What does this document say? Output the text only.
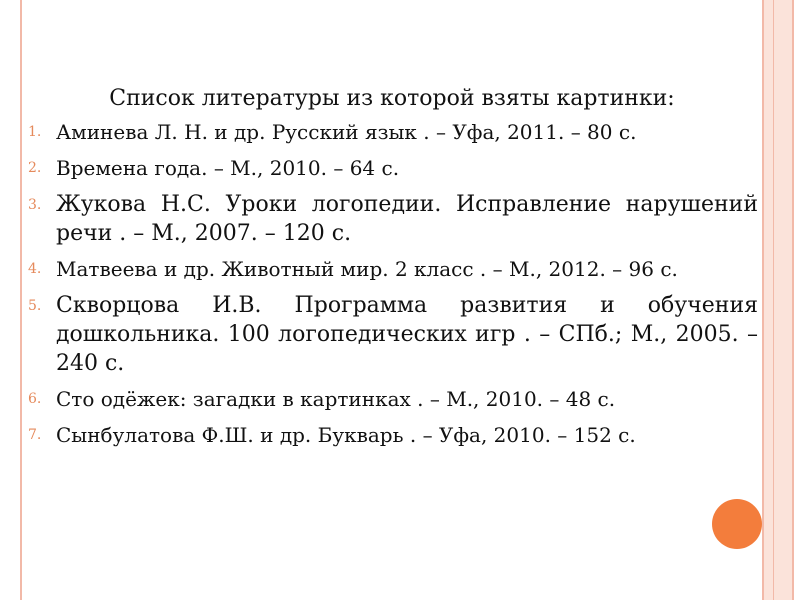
Список литературы из которой взяты картинки:
1. Аминева Л. Н. и др. Русский язык . – Уфа, 2011. – 80 с.
2. Времена года. – М., 2010. – 64 с.
3. Жукова Н.С. Уроки логопедии. Исправление нарушений речи . – М., 2007. – 120 с.
4. Матвеева и др. Животный мир. 2 класс . – М., 2012. – 96 с.
5. Скворцова И.В. Программа развития и обучения дошкольника. 100 логопедических игр . – СПб.; М., 2005. – 240 с.
6. Сто одёжек: загадки в картинках . – М., 2010. – 48 с.
7. Сынбулатова Ф.Ш. и др. Букварь . – Уфа, 2010. – 152 с.
